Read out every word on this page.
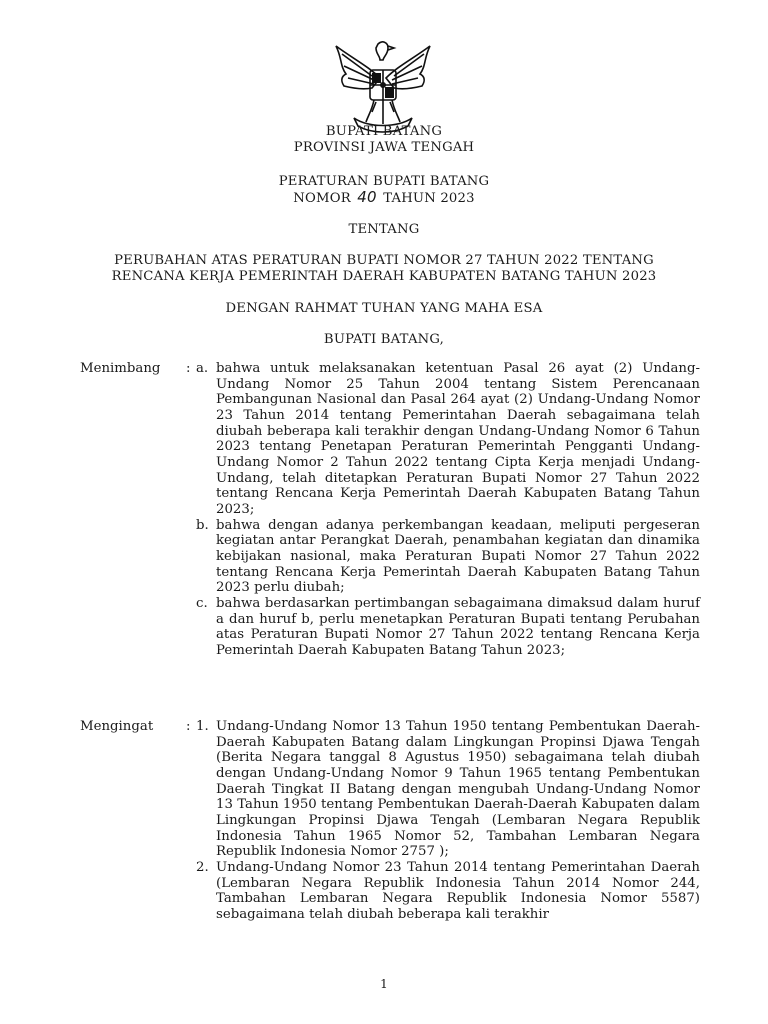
BUPATI BATANG
PROVINSI JAWA TENGAH
PERATURAN BUPATI BATANG
NOMOR 40 TAHUN 2023
TENTANG
PERUBAHAN ATAS PERATURAN BUPATI NOMOR 27 TAHUN 2022 TENTANG
RENCANA KERJA PEMERINTAH DAERAH KABUPATEN BATANG TAHUN 2023
DENGAN RAHMAT TUHAN YANG MAHA ESA
BUPATI BATANG,
Menimbang : a. bahwa untuk melaksanakan ketentuan Pasal 26 ayat (2) Undang-Undang Nomor 25 Tahun 2004 tentang Sistem Perencanaan Pembangunan Nasional dan Pasal 264 ayat (2) Undang-Undang Nomor 23 Tahun 2014 tentang Pemerintahan Daerah sebagaimana telah diubah beberapa kali terakhir dengan Undang-Undang Nomor 6 Tahun 2023 tentang Penetapan Peraturan Pemerintah Pengganti Undang-Undang Nomor 2 Tahun 2022 tentang Cipta Kerja menjadi Undang-Undang, telah ditetapkan Peraturan Bupati Nomor 27 Tahun 2022 tentang Rencana Kerja Pemerintah Daerah Kabupaten Batang Tahun 2023;
b. bahwa dengan adanya perkembangan keadaan, meliputi pergeseran kegiatan antar Perangkat Daerah, penambahan kegiatan dan dinamika kebijakan nasional, maka Peraturan Bupati Nomor 27 Tahun 2022 tentang Rencana Kerja Pemerintah Daerah Kabupaten Batang Tahun 2023 perlu diubah;
c. bahwa berdasarkan pertimbangan sebagaimana dimaksud dalam huruf a dan huruf b, perlu menetapkan Peraturan Bupati tentang Perubahan atas Peraturan Bupati Nomor 27 Tahun 2022 tentang Rencana Kerja Pemerintah Daerah Kabupaten Batang Tahun 2023;
Mengingat : 1. Undang-Undang Nomor 13 Tahun 1950 tentang Pembentukan Daerah-Daerah Kabupaten Batang dalam Lingkungan Propinsi Djawa Tengah (Berita Negara tanggal 8 Agustus 1950) sebagaimana telah diubah dengan Undang-Undang Nomor 9 Tahun 1965 tentang Pembentukan Daerah Tingkat II Batang dengan mengubah Undang-Undang Nomor 13 Tahun 1950 tentang Pembentukan Daerah-Daerah Kabupaten dalam Lingkungan Propinsi Djawa Tengah (Lembaran Negara Republik Indonesia Tahun 1965 Nomor 52, Tambahan Lembaran Negara Republik Indonesia Nomor 2757 );
2. Undang-Undang Nomor 23 Tahun 2014 tentang Pemerintahan Daerah (Lembaran Negara Republik Indonesia Tahun 2014 Nomor 244, Tambahan Lembaran Negara Republik Indonesia Nomor 5587) sebagaimana telah diubah beberapa kali terakhir
1
